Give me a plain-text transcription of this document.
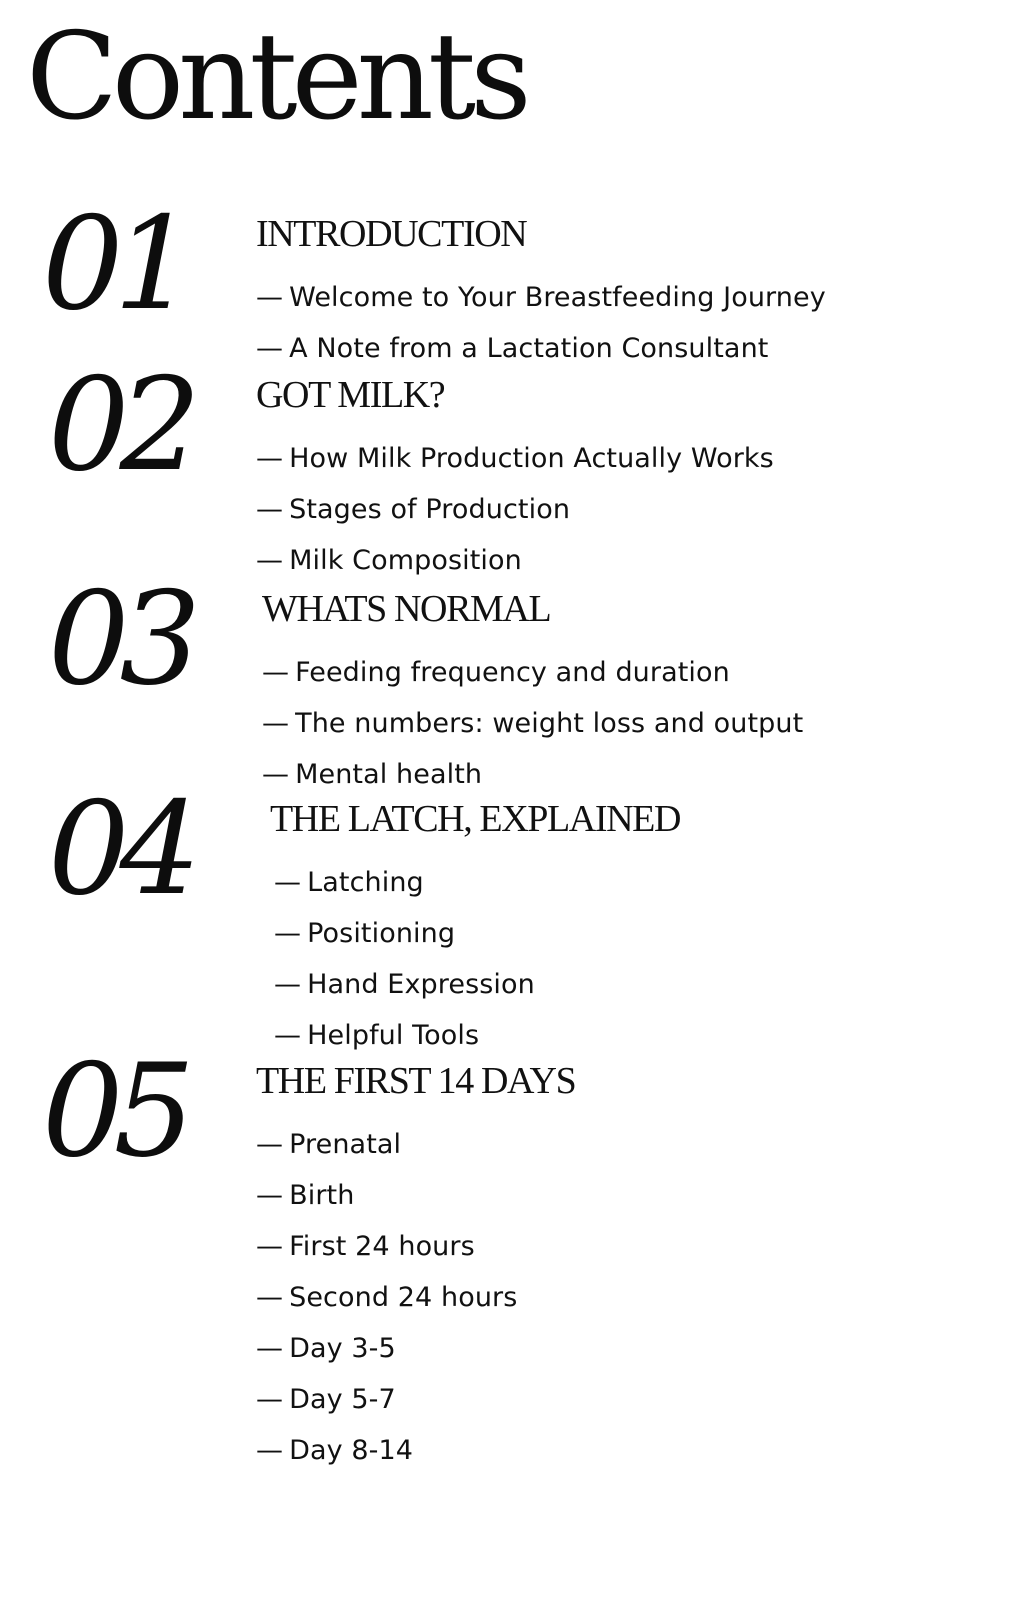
Contents
01 INTRODUCTION
— Welcome to Your Breastfeeding Journey
— A Note from a Lactation Consultant
02 GOT MILK?
— How Milk Production Actually Works
— Stages of Production
— Milk Composition
03 WHATS NORMAL
— Feeding frequency and duration
— The numbers: weight loss and output
— Mental health
04 THE LATCH, EXPLAINED
— Latching
— Positioning
— Hand Expression
— Helpful Tools
05 THE FIRST 14 DAYS
— Prenatal
— Birth
— First 24 hours
— Second 24 hours
— Day 3-5
— Day 5-7
— Day 8-14
